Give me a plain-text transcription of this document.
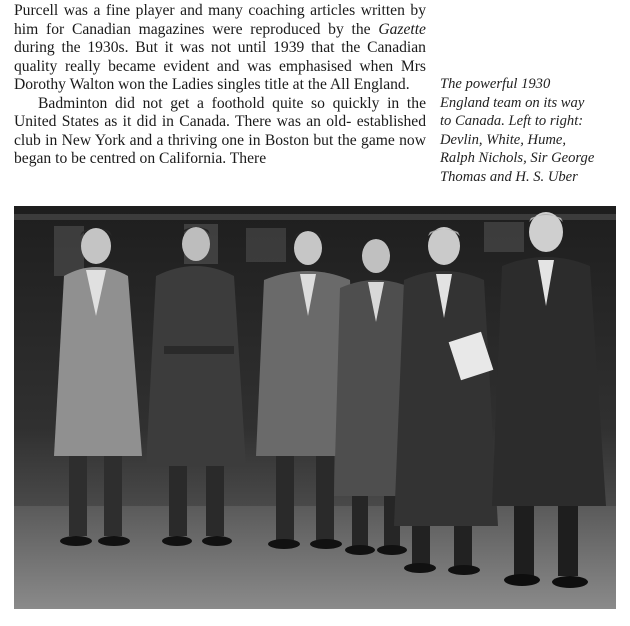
Purcell was a fine player and many coaching articles written by him for Canadian magazines were reproduced by the Gazette during the 1930s. But it was not until 1939 that the Canadian quality really became evident and was emphasised when Mrs Dorothy Walton won the Ladies singles title at the All England.

Badminton did not get a foothold quite so quickly in the United States as it did in Canada. There was an old- established club in New York and a thriving one in Boston but the game now began to be centred on California. There

The powerful 1930
England team on its way
to Canada. Left to right:
Devlin, White, Hume,
Ralph Nichols, Sir George
Thomas and H. S. Uber
